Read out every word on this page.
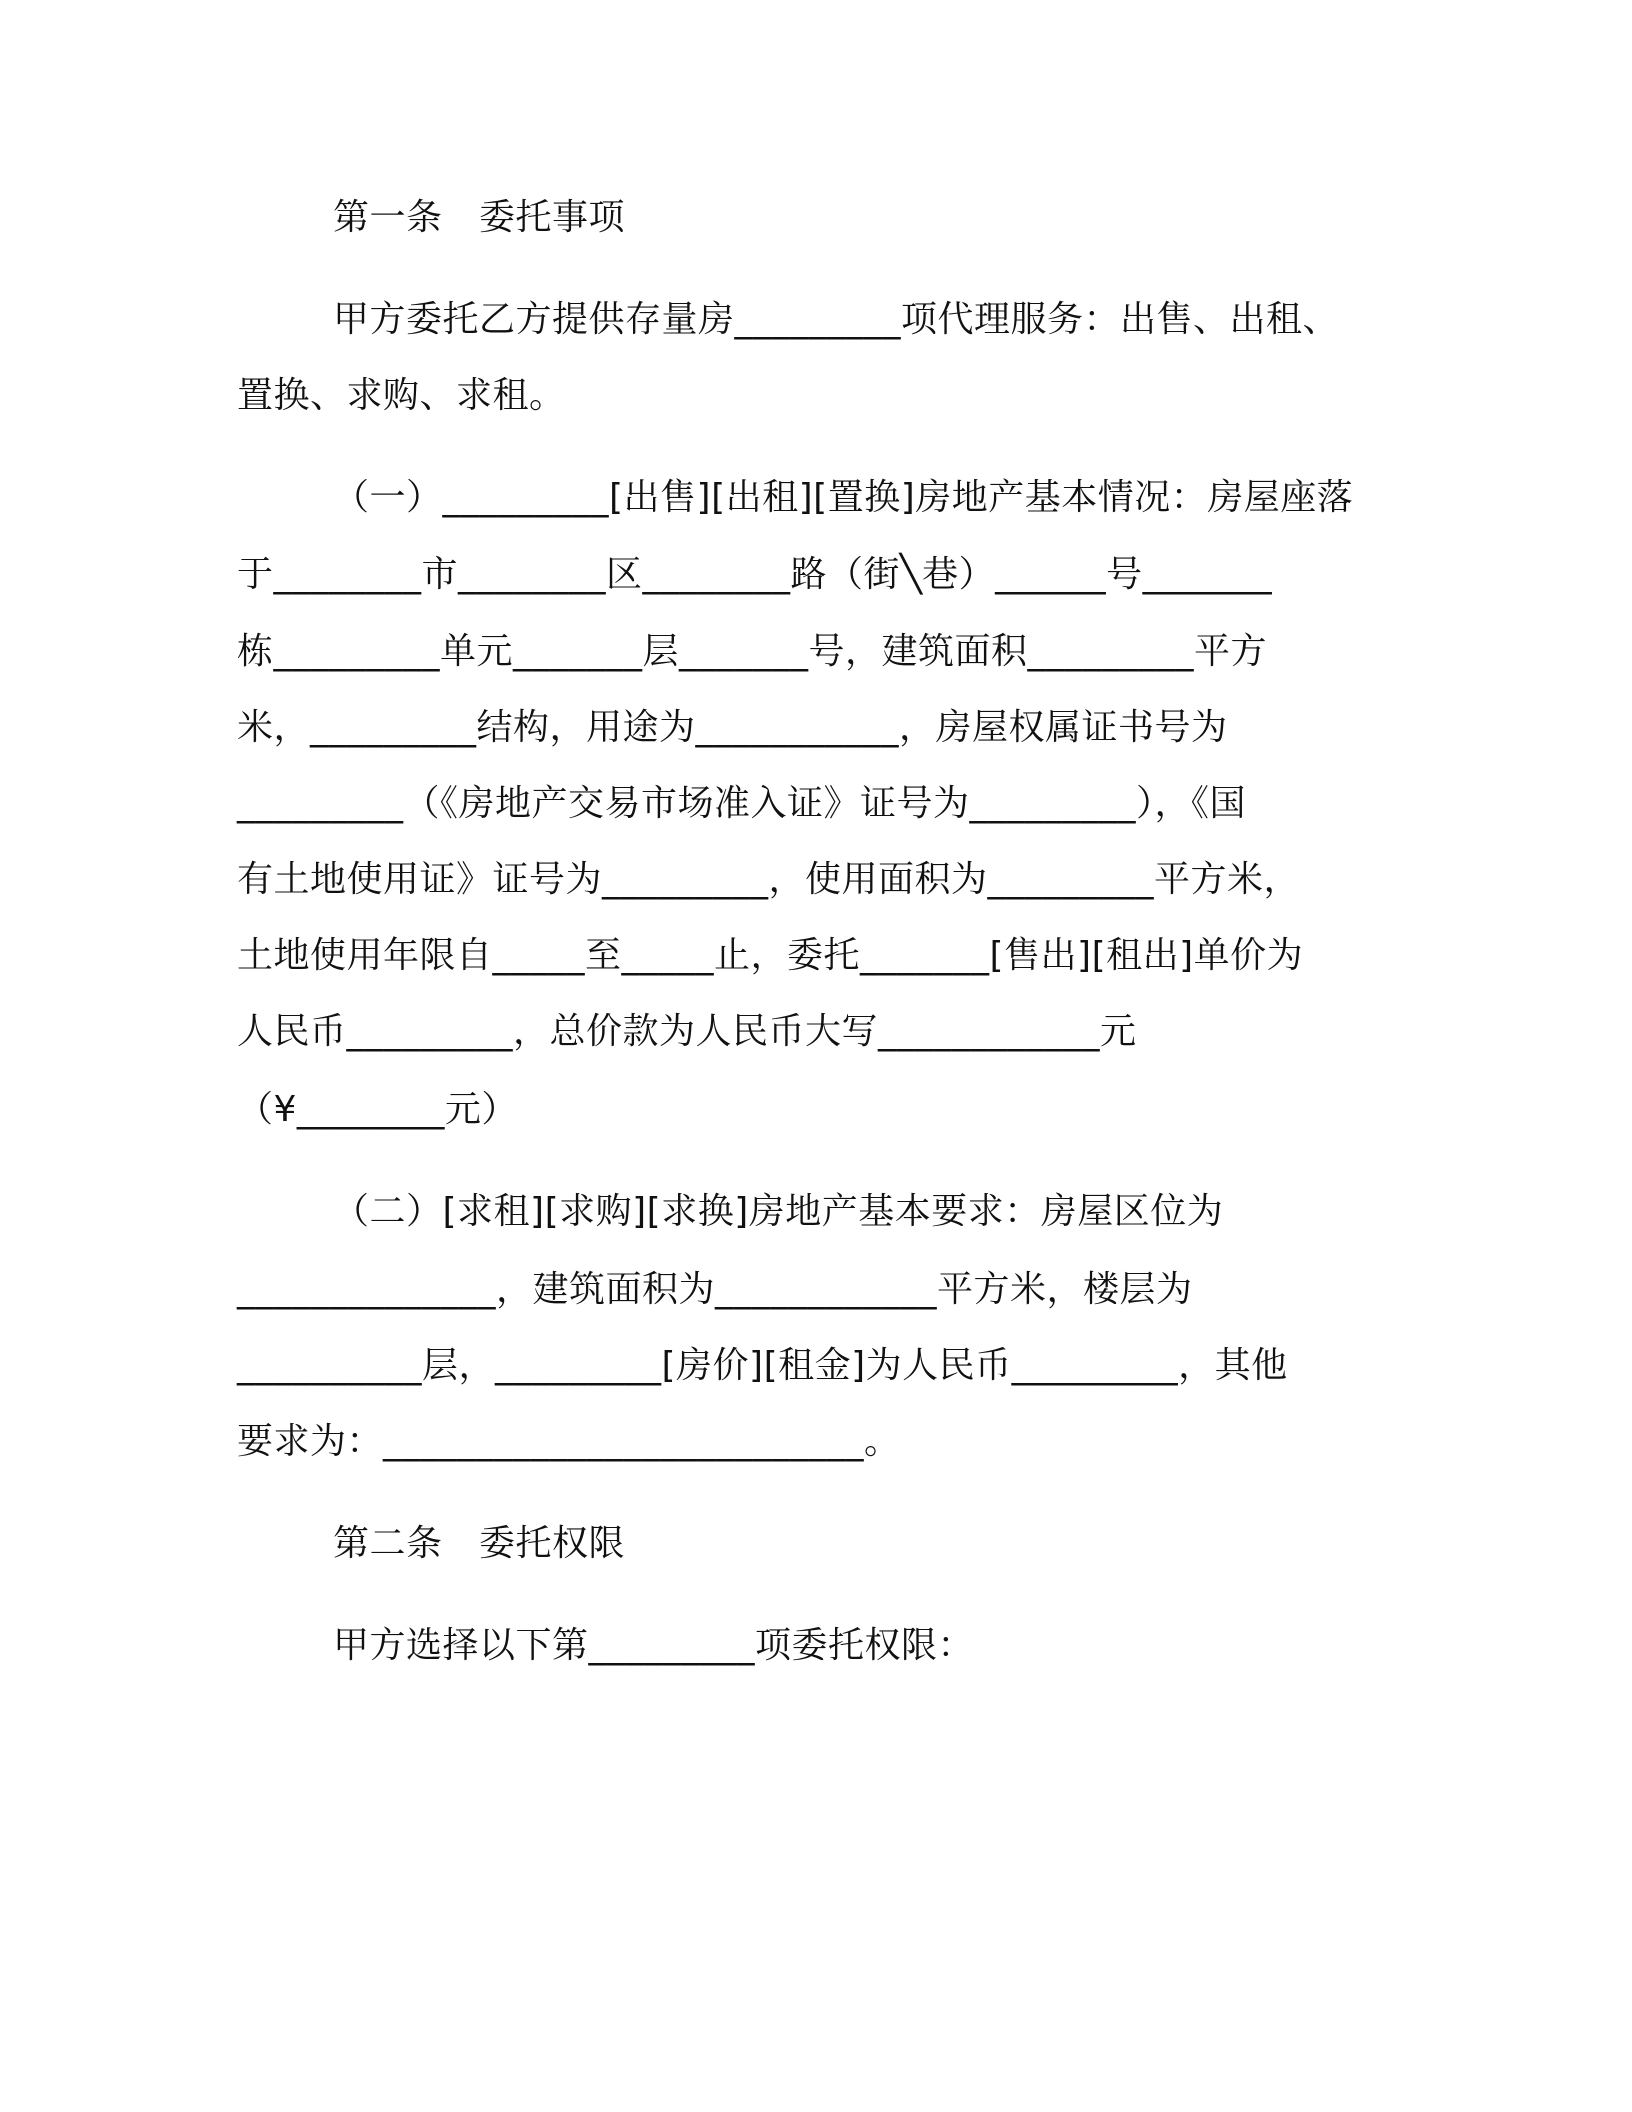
第一条　委托事项
甲方委托乙方提供存量房_________项代理服务：出售、出租、
置换、求购、求租。
（一）_________[出售][出租][置换]房地产基本情况：房屋座落
于________市________区________路（街╲巷）______号_______
栋_________单元_______层_______号，建筑面积_________平方
米，_________结构，用途为___________，房屋权属证书号为
_________（《房地产交易市场准入证》证号为_________），《国
有土地使用证》证号为_________，使用面积为_________平方米，
土地使用年限自_____至_____止，委托_______[售出][租出]单价为
人民币_________，总价款为人民币大写____________元
（¥________元）
（二）[求租][求购][求换]房地产基本要求：房屋区位为
______________，建筑面积为____________平方米，楼层为
__________层，_________[房价][租金]为人民币_________，其他
要求为：__________________________。
第二条　委托权限
甲方选择以下第_________项委托权限：
